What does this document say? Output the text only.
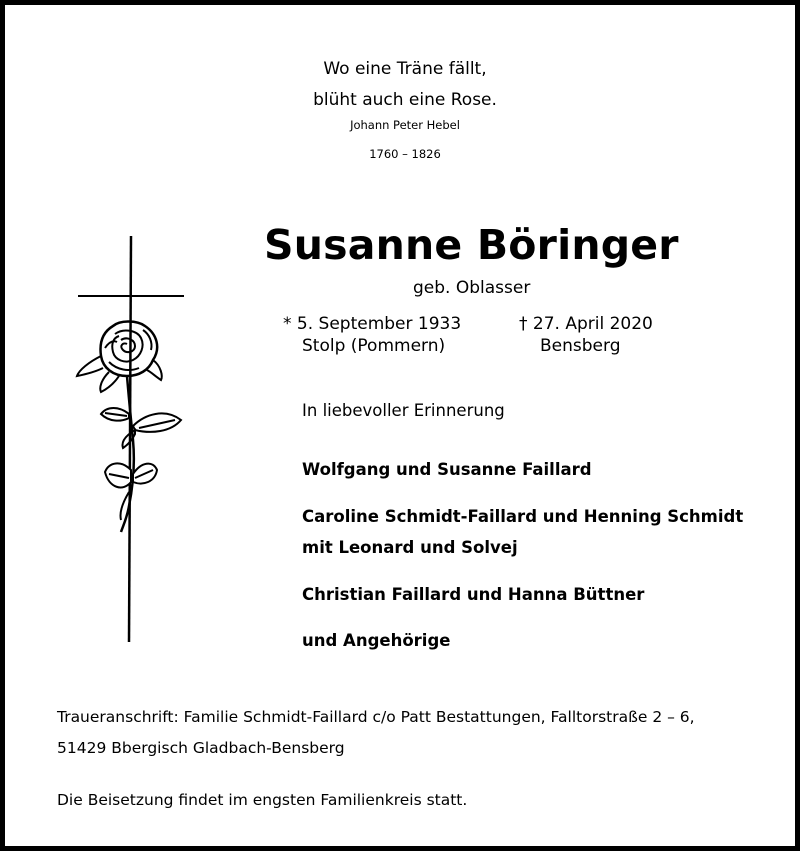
Wo eine Träne fällt,
blüht auch eine Rose.
Johann Peter Hebel
1760 – 1826
Susanne Böringer
geb. Oblasser
* 5. September 1933
Stolp (Pommern)
† 27. April 2020
Bensberg
In liebevoller Erinnerung
Wolfgang und Susanne Faillard
Caroline Schmidt-Faillard und Henning Schmidt
mit Leonard und Solvej
Christian Faillard und Hanna Büttner
und Angehörige
Traueranschrift: Familie Schmidt-Faillard c/o Patt Bestattungen, Falltorstraße 2 – 6,
51429 Bbergisch Gladbach-Bensberg
Die Beisetzung findet im engsten Familienkreis statt.
